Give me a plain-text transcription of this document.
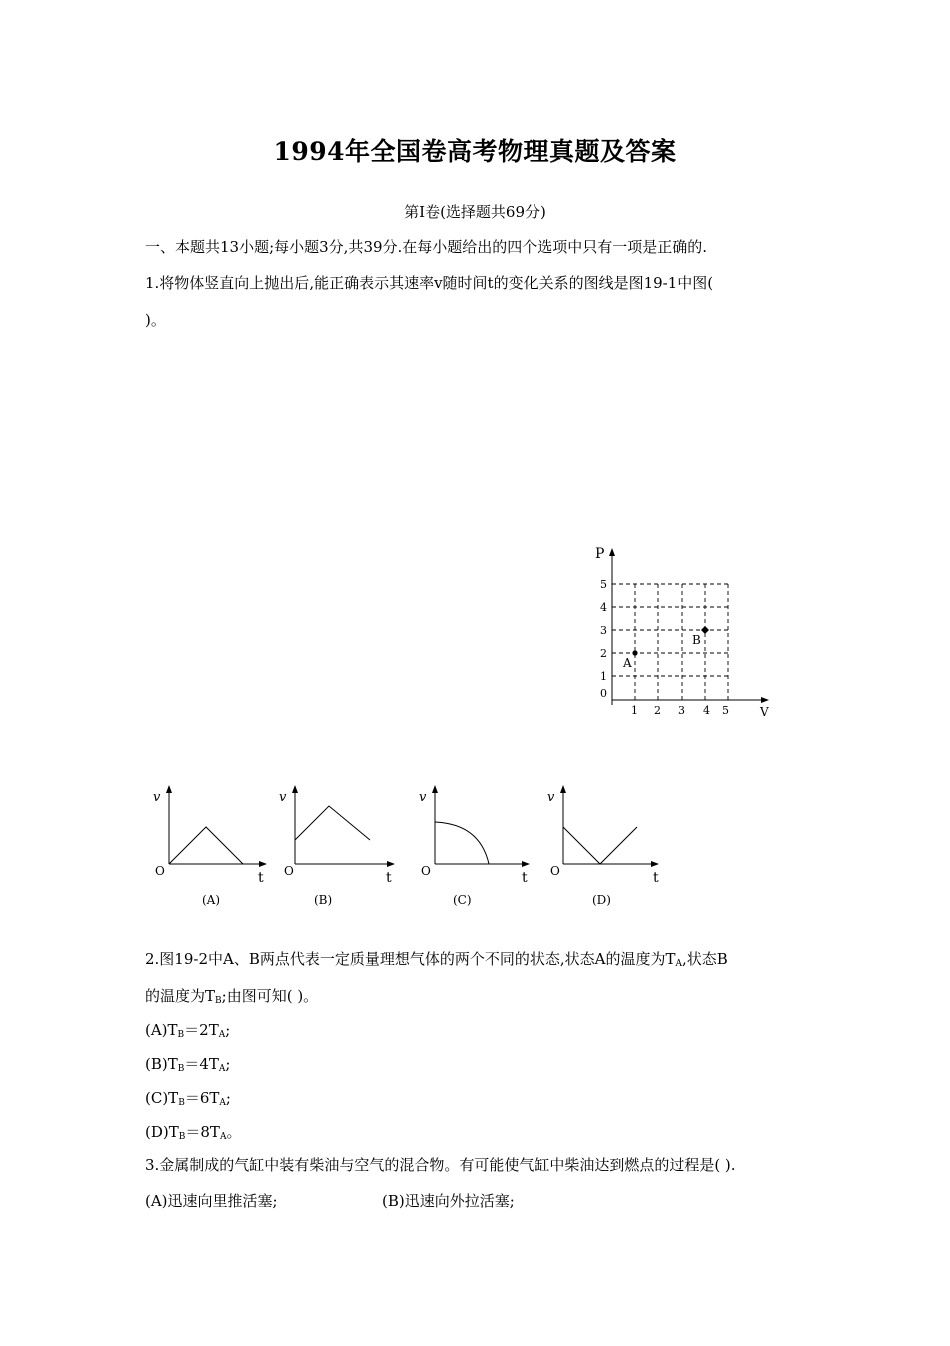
1994年全国卷高考物理真题及答案
第Ⅰ卷(选择题共69分)
一、本题共13小题;每小题3分,共39分.在每小题给出的四个选项中只有一项是正确的.
1.将物体竖直向上抛出后,能正确表示其速率v随时间t的变化关系的图线是图19-1中图(
)。
P
V
5
4
3
2
1
0
1 2 3 4 5
A
B
v
O	t
(A)
v
O	t
(B)
v
O	t
(C)
v
O	t
(D)
2.图19-2中A、B两点代表一定质量理想气体的两个不同的状态,状态A的温度为$T_A$,状态B
的温度为$T_B$;由图可知( )。
$(A)T_B=2T_A$;
$(B)T_B=4T_A$;
$(C)T_B=6T_A$;
$(D)T_B=8T_A$。
3.金属制成的气缸中装有柴油与空气的混合物。有可能使气缸中柴油达到燃点的过程是( ).
(A)迅速向里推活塞;	(B)迅速向外拉活塞;
